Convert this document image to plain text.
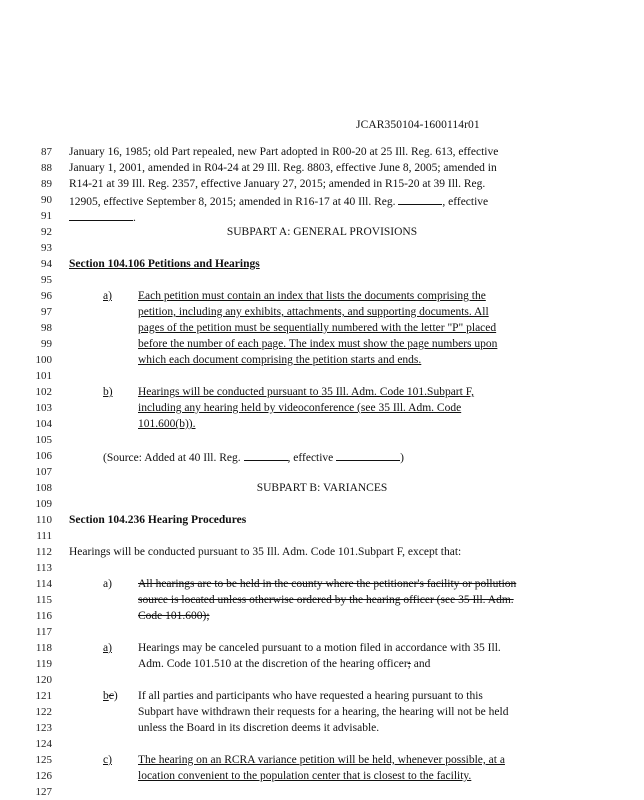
JCAR350104-1600114r01
87
88
89
90
91
92
93
94
95
96
97
98
99
100
101
102
103
104
105
106
107
108
109
110
111
112
113
114
115
116
117
118
119
120
121
122
123
124
125
126
127
January 16, 1985; old Part repealed, new Part adopted in R00-20 at 25 Ill. Reg. 613, effective
January 1, 2001, amended in R04-24 at 29 Ill. Reg. 8803, effective June 8, 2005; amended in
R14-21 at 39 Ill. Reg. 2357, effective January 27, 2015; amended in R15-20 at 39 Ill. Reg.
12905, effective September 8, 2015; amended in R16-17 at 40 Ill. Reg.	, effective
.
SUBPART A: GENERAL PROVISIONS
Section 104.106 Petitions and Hearings
a) Each petition must contain an index that lists the documents comprising the
petition, including any exhibits, attachments, and supporting documents. All
pages of the petition must be sequentially numbered with the letter "P" placed
before the number of each page. The index must show the page numbers upon
which each document comprising the petition starts and ends.
b) Hearings will be conducted pursuant to 35 Ill. Adm. Code 101.Subpart F,
including any hearing held by videoconference (see 35 Ill. Adm. Code
101.600(b)).
(Source: Added at 40 Ill. Reg.	, effective	)
SUBPART B: VARIANCES
Section 104.236 Hearing Procedures
Hearings will be conducted pursuant to 35 Ill. Adm. Code 101.Subpart F, except that:
a) All hearings are to be held in the county where the petitioner's facility or pollution
source is located unless otherwise ordered by the hearing officer (see 35 Ill. Adm.
Code 101.600);
a) Hearings may be canceled pursuant to a motion filed in accordance with 35 Ill.
Adm. Code 101.510 at the discretion of the hearing officer; and
bc) If all parties and participants who have requested a hearing pursuant to this
Subpart have withdrawn their requests for a hearing, the hearing will not be held
unless the Board in its discretion deems it advisable.
c) The hearing on an RCRA variance petition will be held, whenever possible, at a
location convenient to the population center that is closest to the facility.
